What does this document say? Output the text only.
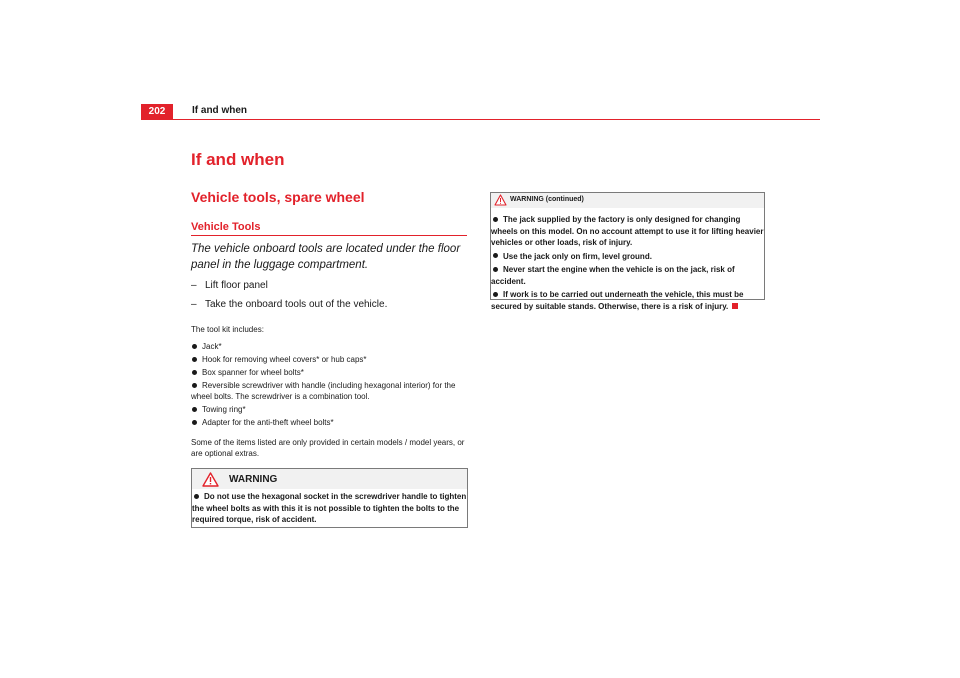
202	If and when
If and when
Vehicle tools, spare wheel
Vehicle Tools
The vehicle onboard tools are located under the floor panel in the luggage compartment.
– Lift floor panel
– Take the onboard tools out of the vehicle.
The tool kit includes:
Jack*
Hook for removing wheel covers* or hub caps*
Box spanner for wheel bolts*
Reversible screwdriver with handle (including hexagonal interior) for the wheel bolts. The screwdriver is a combination tool.
Towing ring*
Adapter for the anti-theft wheel bolts*
Some of the items listed are only provided in certain models / model years, or are optional extras.
WARNING
Do not use the hexagonal socket in the screwdriver handle to tighten the wheel bolts as with this it is not possible to tighten the bolts to the required torque, risk of accident.
WARNING (continued)
The jack supplied by the factory is only designed for changing wheels on this model. On no account attempt to use it for lifting heavier vehicles or other loads, risk of injury.
Use the jack only on firm, level ground.
Never start the engine when the vehicle is on the jack, risk of accident.
If work is to be carried out underneath the vehicle, this must be secured by suitable stands. Otherwise, there is a risk of injury.
